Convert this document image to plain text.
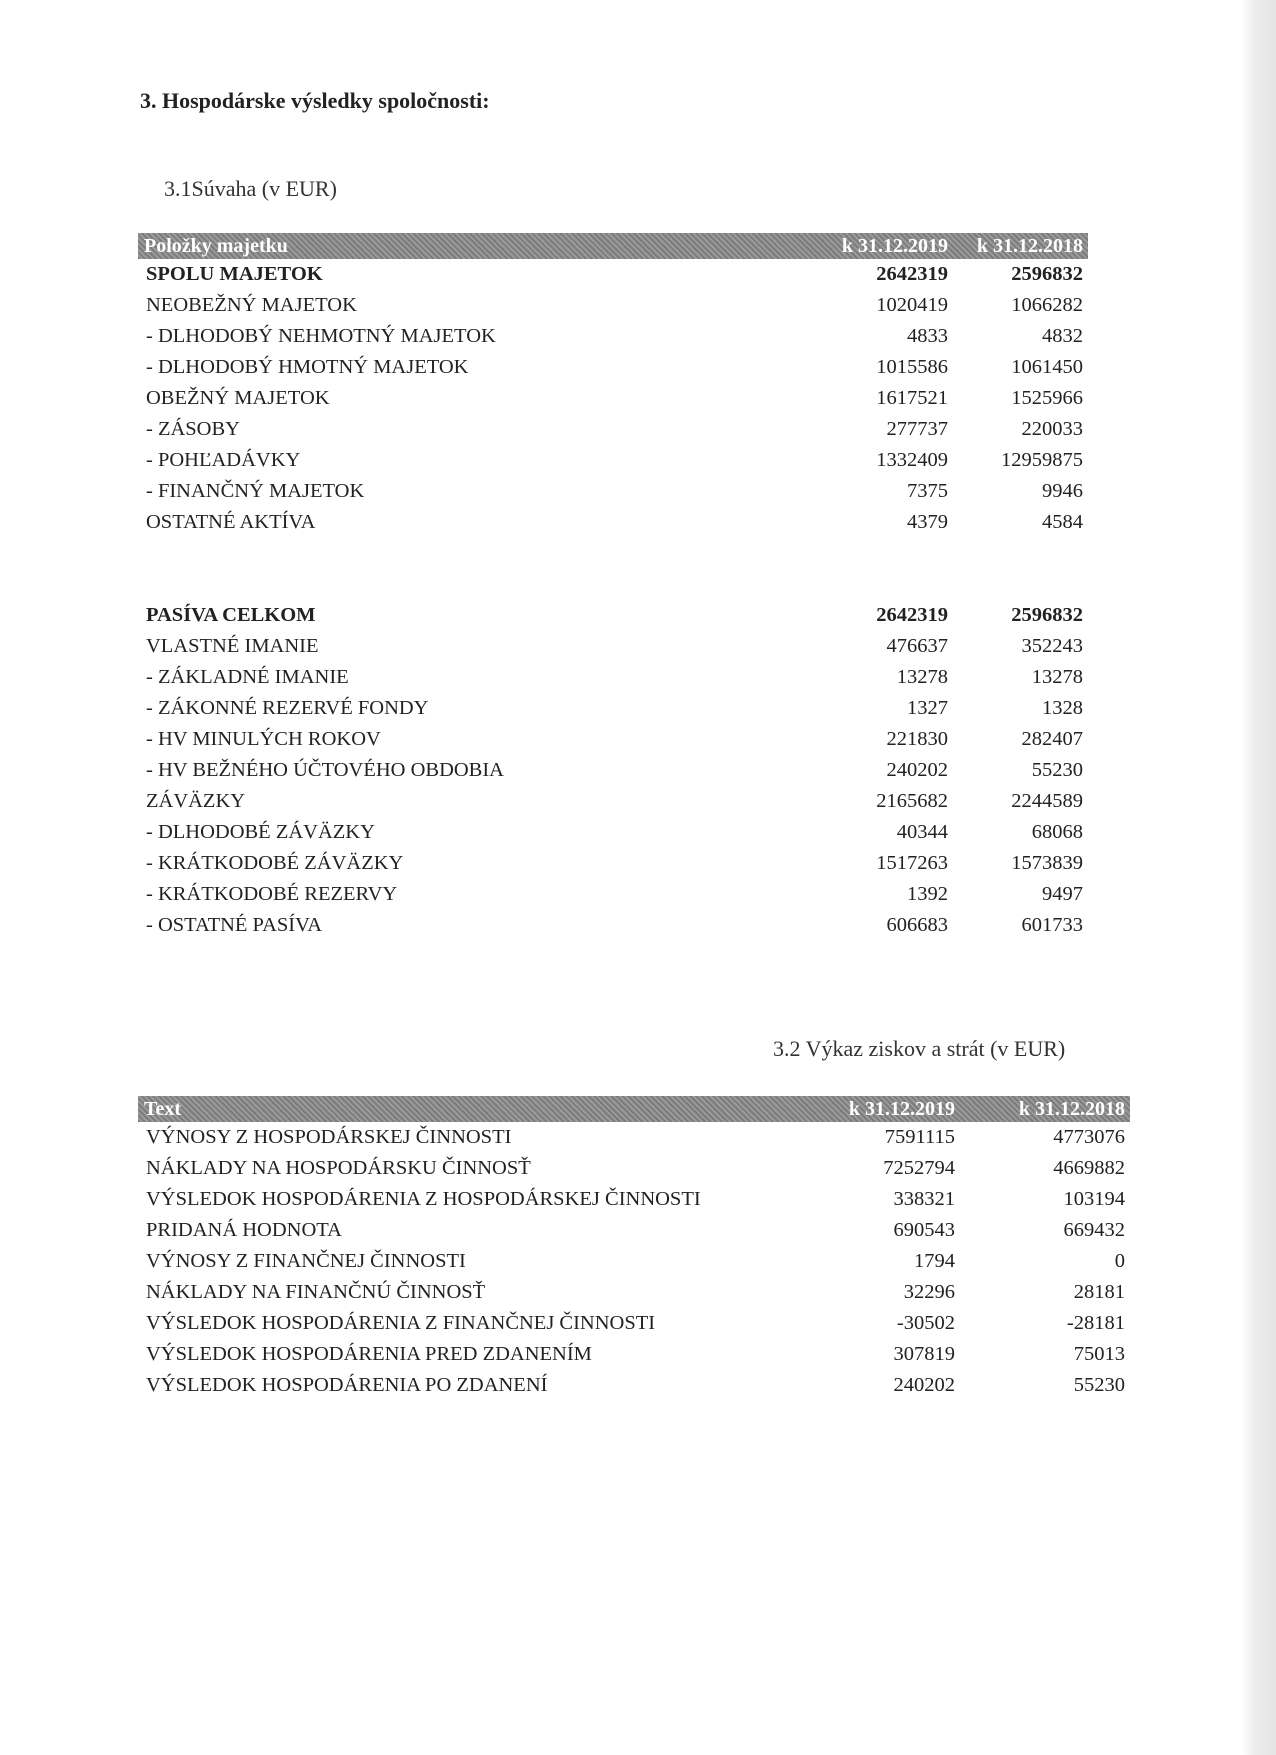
3. Hospodárske výsledky spoločnosti:
3.1Súvaha (v EUR)
Položky majetku	k 31.12.2019	k 31.12.2018
SPOLU MAJETOK	2642319	2596832
NEOBEŽNÝ MAJETOK	1020419	1066282
- DLHODOBÝ NEHMOTNÝ MAJETOK	4833	4832
- DLHODOBÝ HMOTNÝ MAJETOK	1015586	1061450
OBEŽNÝ MAJETOK	1617521	1525966
- ZÁSOBY	277737	220033
- POHĽADÁVKY	1332409	12959875
- FINANČNÝ MAJETOK	7375	9946
OSTATNÉ AKTÍVA	4379	4584
PASÍVA CELKOM	2642319	2596832
VLASTNÉ IMANIE	476637	352243
- ZÁKLADNÉ IMANIE	13278	13278
- ZÁKONNÉ REZERVÉ FONDY	1327	1328
- HV MINULÝCH ROKOV	221830	282407
- HV BEŽNÉHO ÚČTOVÉHO OBDOBIA	240202	55230
ZÁVÄZKY	2165682	2244589
- DLHODOBÉ ZÁVÄZKY	40344	68068
- KRÁTKODOBÉ ZÁVÄZKY	1517263	1573839
- KRÁTKODOBÉ REZERVY	1392	9497
- OSTATNÉ PASÍVA	606683	601733
3.2 Výkaz ziskov a strát (v EUR)
Text	k 31.12.2019	k 31.12.2018
VÝNOSY Z HOSPODÁRSKEJ ČINNOSTI	7591115	4773076
NÁKLADY NA HOSPODÁRSKU ČINNOSŤ	7252794	4669882
VÝSLEDOK HOSPODÁRENIA Z HOSPODÁRSKEJ ČINNOSTI	338321	103194
PRIDANÁ HODNOTA	690543	669432
VÝNOSY Z FINANČNEJ ČINNOSTI	1794	0
NÁKLADY NA FINANČNÚ ČINNOSŤ	32296	28181
VÝSLEDOK HOSPODÁRENIA Z FINANČNEJ ČINNOSTI	-30502	-28181
VÝSLEDOK HOSPODÁRENIA PRED ZDANENÍM	307819	75013
VÝSLEDOK HOSPODÁRENIA PO ZDANENÍ	240202	55230
